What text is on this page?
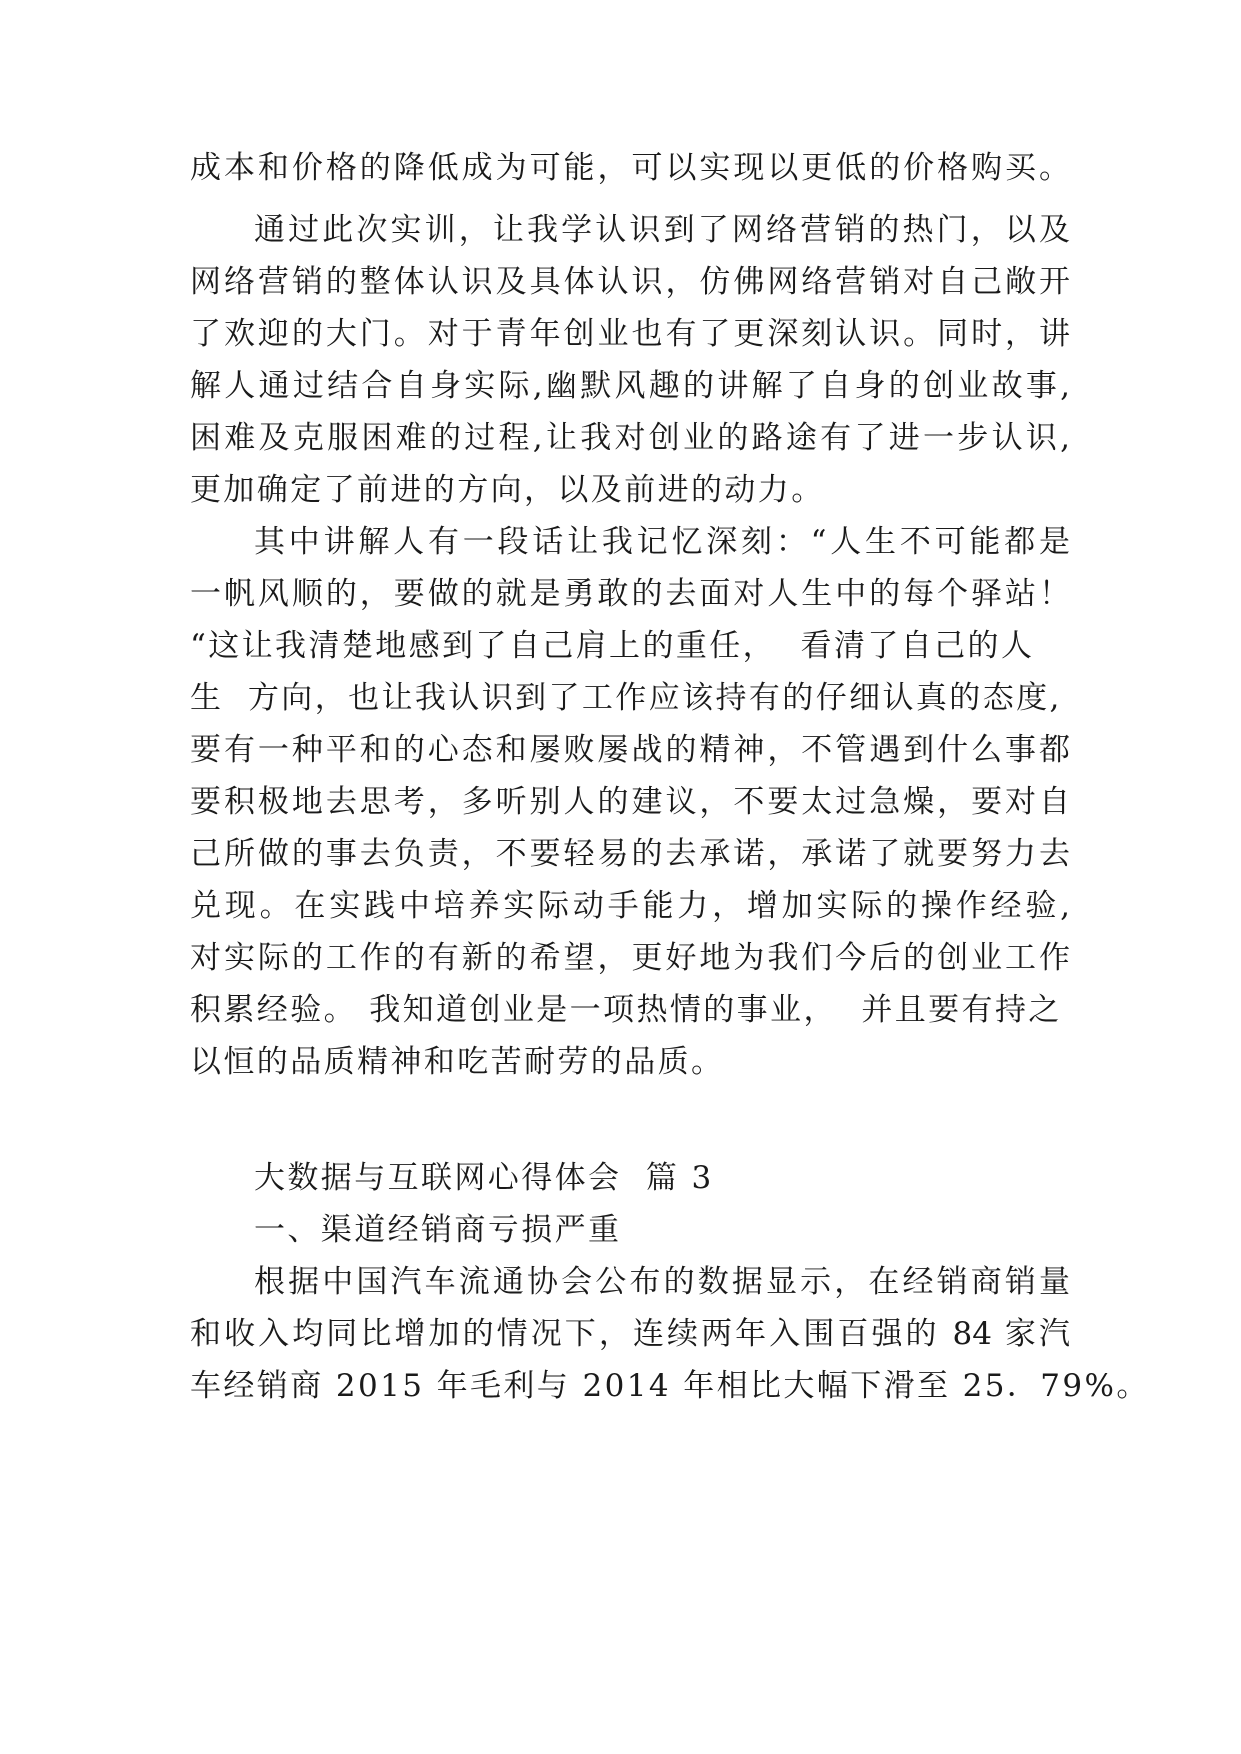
成本和价格的降低成为可能，可以实现以更低的价格购买。
通过此次实训，让我学认识到了网络营销的热门，以及
网络营销的整体认识及具体认识，仿佛网络营销对自己敞开
了欢迎的大门。对于青年创业也有了更深刻认识。同时，讲
解人通过结合自身实际,幽默风趣的讲解了自身的创业故事,
困难及克服困难的过程,让我对创业的路途有了进一步认识,
更加确定了前进的方向，以及前进的动力。
其中讲解人有一段话让我记忆深刻：“人生不可能都是
一帆风顺的，要做的就是勇敢的去面对人生中的每个驿站！
“这让我清楚地感到了自己肩上的重任，  看清了自己的人
生  方向，也让我认识到了工作应该持有的仔细认真的态度,
要有一种平和的心态和屡败屡战的精神，不管遇到什么事都
要积极地去思考，多听别人的建议，不要太过急燥，要对自
己所做的事去负责，不要轻易的去承诺，承诺了就要努力去
兑现。在实践中培养实际动手能力，增加实际的操作经验,
对实际的工作的有新的希望，更好地为我们今后的创业工作
积累经验。 我知道创业是一项热情的事业，  并且要有持之
以恒的品质精神和吃苦耐劳的品质。
大数据与互联网心得体会  篇 3
一、渠道经销商亏损严重
根据中国汽车流通协会公布的数据显示，在经销商销量
和收入均同比增加的情况下，连续两年入围百强的 84 家汽
车经销商 2015 年毛利与 2014 年相比大幅下滑至 25．79%。
